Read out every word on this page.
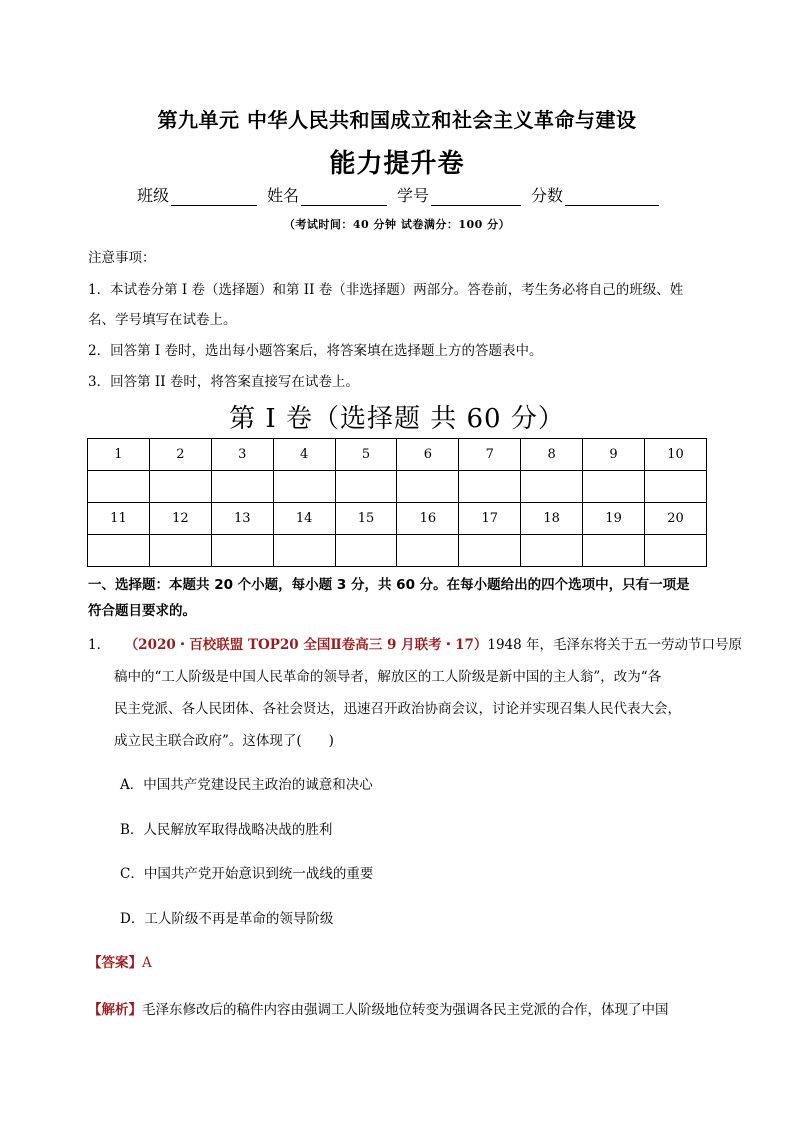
第九单元 中华人民共和国成立和社会主义革命与建设
能力提升卷
班级	姓名	学号	分数
（考试时间：40 分钟 试卷满分：100 分）
注意事项：
1．本试卷分第 I 卷（选择题）和第 II 卷（非选择题）两部分。答卷前，考生务必将自己的班级、姓
名、学号填写在试卷上。
2．回答第 I 卷时，选出每小题答案后，将答案填在选择题上方的答题表中。
3．回答第 II 卷时，将答案直接写在试卷上。
第 I 卷（选择题 共 60 分）
1	2	3	4	5	6	7	8	9	10

11	12	13	14	15	16	17	18	19	20

一、选择题：本题共 20 个小题，每小题 3 分，共 60 分。在每小题给出的四个选项中，只有一项是
符合题目要求的。
1． （2020・百校联盟 TOP20 全国Ⅱ卷高三 9 月联考・17）1948 年，毛泽东将关于五一劳动节口号原
稿中的“工人阶级是中国人民革命的领导者，解放区的工人阶级是新中国的主人翁”，改为“各
民主党派、各人民团体、各社会贤达，迅速召开政治协商会议，讨论并实现召集人民代表大会，
成立民主联合政府”。这体现了(　　)
A．中国共产党建设民主政治的诚意和决心
B．人民解放军取得战略决战的胜利
C．中国共产党开始意识到统一战线的重要
D．工人阶级不再是革命的领导阶级
【答案】A
【解析】毛泽东修改后的稿件内容由强调工人阶级地位转变为强调各民主党派的合作，体现了中国
